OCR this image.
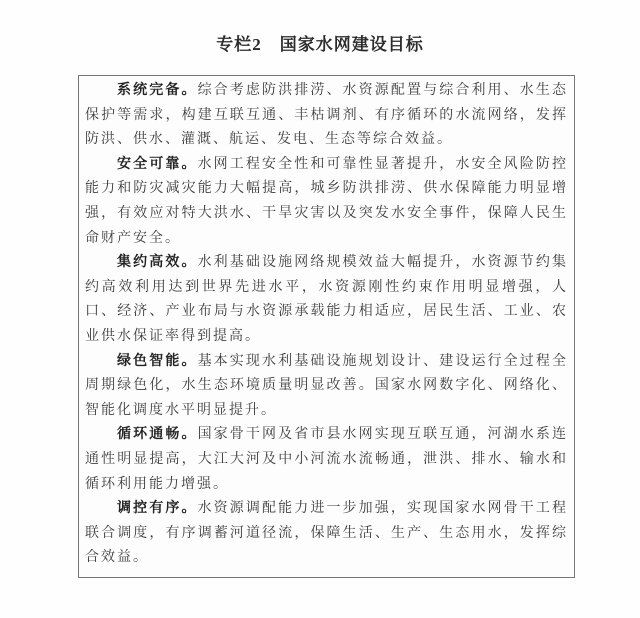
专栏2　国家水网建设目标

系统完备。综合考虑防洪排涝、水资源配置与综合利用、水生态保护等需求，构建互联互通、丰枯调剂、有序循环的水流网络，发挥防洪、供水、灌溉、航运、发电、生态等综合效益。

安全可靠。水网工程安全性和可靠性显著提升，水安全风险防控能力和防灾减灾能力大幅提高，城乡防洪排涝、供水保障能力明显增强，有效应对特大洪水、干旱灾害以及突发水安全事件，保障人民生命财产安全。

集约高效。水利基础设施网络规模效益大幅提升，水资源节约集约高效利用达到世界先进水平，水资源刚性约束作用明显增强，人口、经济、产业布局与水资源承载能力相适应，居民生活、工业、农业供水保证率得到提高。

绿色智能。基本实现水利基础设施规划设计、建设运行全过程全周期绿色化，水生态环境质量明显改善。国家水网数字化、网络化、智能化调度水平明显提升。

循环通畅。国家骨干网及省市县水网实现互联互通，河湖水系连通性明显提高，大江大河及中小河流水流畅通，泄洪、排水、输水和循环利用能力增强。

调控有序。水资源调配能力进一步加强，实现国家水网骨干工程联合调度，有序调蓄河道径流，保障生活、生产、生态用水，发挥综合效益。
